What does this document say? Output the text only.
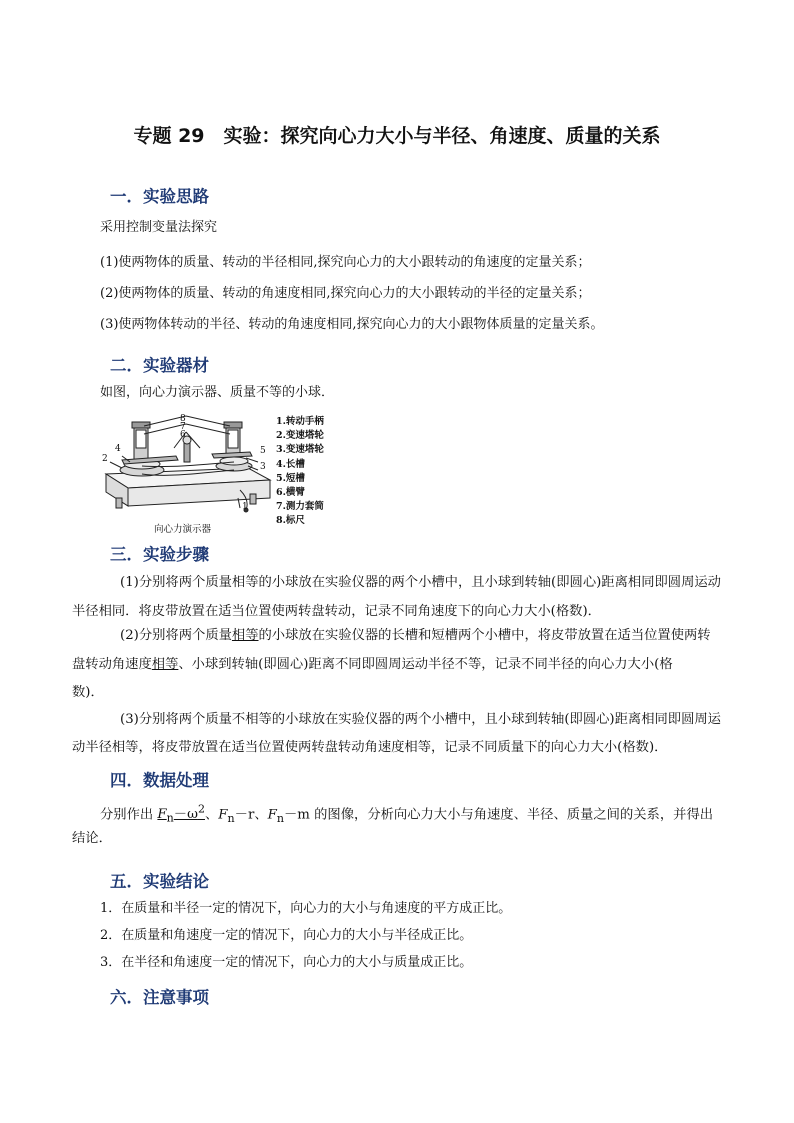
专题 29　实验：探究向心力大小与半径、角速度、质量的关系
一．实验思路
采用控制变量法探究
(1)使两物体的质量、转动的半径相同,探究向心力的大小跟转动的角速度的定量关系；
(2)使两物体的质量、转动的角速度相同,探究向心力的大小跟转动的半径的定量关系；
(3)使两物体转动的半径、转动的角速度相同,探究向心力的大小跟物体质量的定量关系。
二．实验器材
如图，向心力演示器、质量不等的小球．
8
7
6
4
2
5
3
1
向心力演示器
1.转动手柄
2.变速塔轮
3.变速塔轮
4.长槽
5.短槽
6.横臂
7.测力套筒
8.标尺
三．实验步骤
(1)分别将两个质量相等的小球放在实验仪器的两个小槽中，且小球到转轴(即圆心)距离相同即圆周运动
半径相同．将皮带放置在适当位置使两转盘转动，记录不同角速度下的向心力大小(格数)．
(2)分别将两个质量相等的小球放在实验仪器的长槽和短槽两个小槽中，将皮带放置在适当位置使两转
盘转动角速度相等、小球到转轴(即圆心)距离不同即圆周运动半径不等，记录不同半径的向心力大小(格
数)．
(3)分别将两个质量不相等的小球放在实验仪器的两个小槽中，且小球到转轴(即圆心)距离相同即圆周运
动半径相等，将皮带放置在适当位置使两转盘转动角速度相等，记录不同质量下的向心力大小(格数)．
四．数据处理
分别作出 $F_n-\omega^2$、$F_n-r$、$F_n-m$ 的图像，分析向心力大小与角速度、半径、质量之间的关系，并得出
结论．
五．实验结论
1．在质量和半径一定的情况下，向心力的大小与角速度的平方成正比。
2．在质量和角速度一定的情况下，向心力的大小与半径成正比。
3．在半径和角速度一定的情况下，向心力的大小与质量成正比。
六．注意事项
